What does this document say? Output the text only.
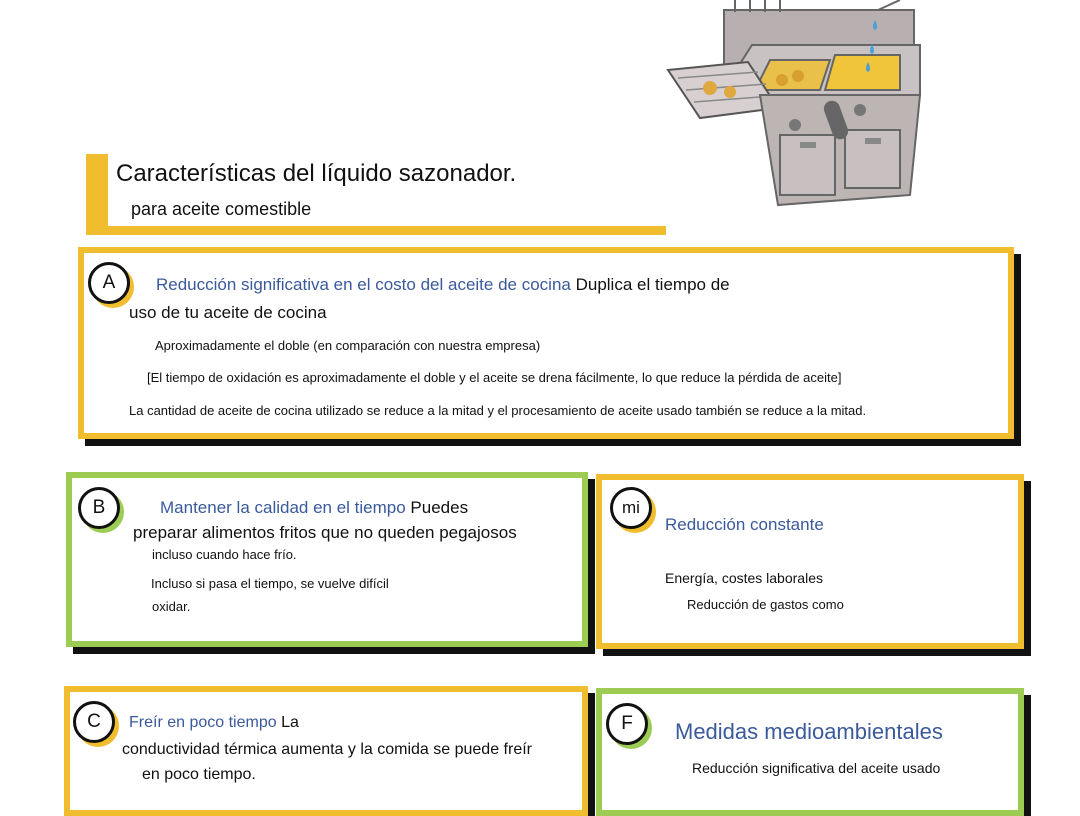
Características del líquido sazonador.
para aceite comestible
A	Reducción significativa en el costo del aceite de cocina Duplica el tiempo de
uso de tu aceite de cocina
Aproximadamente el doble (en comparación con nuestra empresa)
[El tiempo de oxidación es aproximadamente el doble y el aceite se drena fácilmente, lo que reduce la pérdida de aceite]
La cantidad de aceite de cocina utilizado se reduce a la mitad y el procesamiento de aceite usado también se reduce a la mitad.
B	Mantener la calidad en el tiempo Puedes
preparar alimentos fritos que no queden pegajosos
incluso cuando hace frío.
Incluso si pasa el tiempo, se vuelve difícil
oxidar.
mi
Reducción constante
Energía, costes laborales
Reducción de gastos como
C	Freír en poco tiempo La
conductividad térmica aumenta y la comida se puede freír
en poco tiempo.
F	Medidas medioambientales
Reducción significativa del aceite usado
